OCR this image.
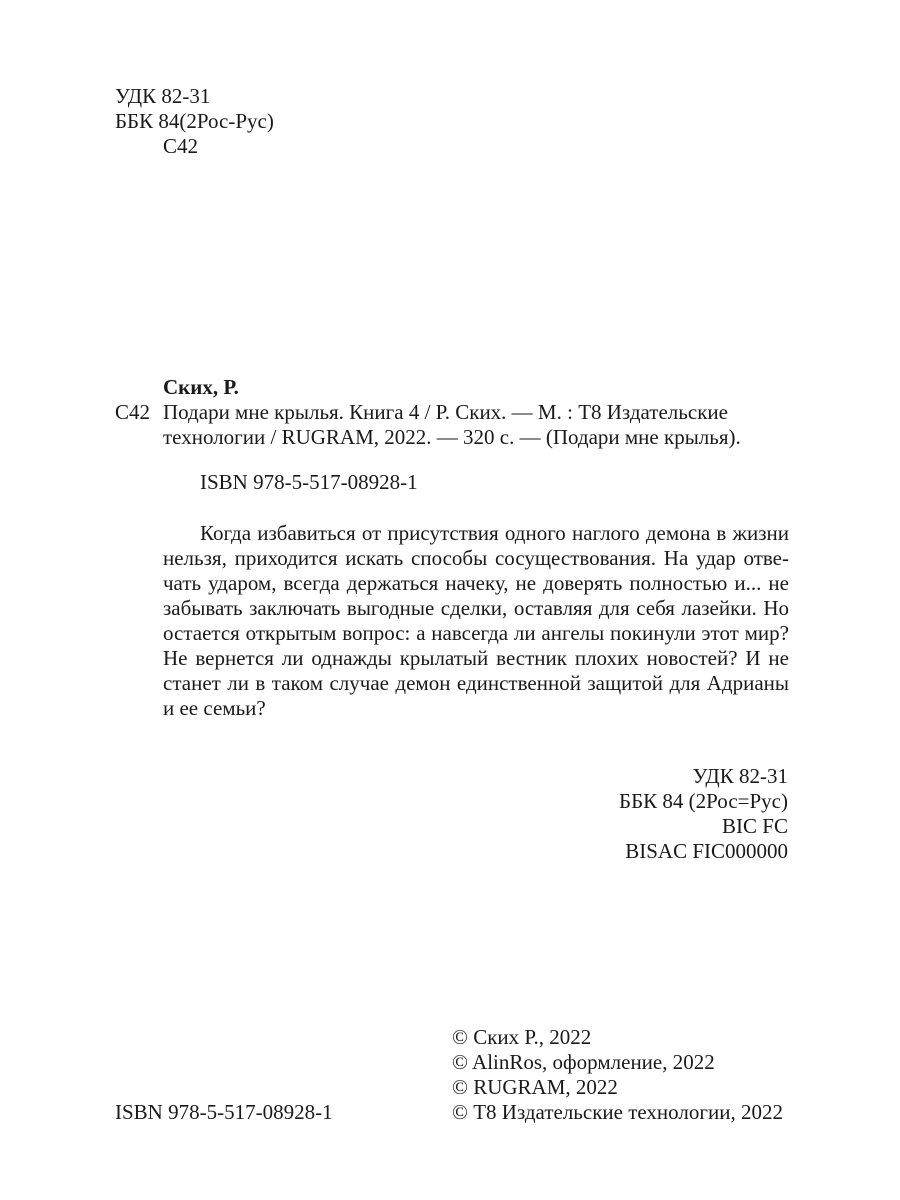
УДК 82-31
ББК 84(2Рос-Рус)
С42
Ских, Р.
С42 Подари мне крылья. Книга 4 / Р. Ских. — М. : Т8 Издательские
технологии / RUGRAM, 2022. — 320 с. — (Подари мне крылья).
ISBN 978-5-517-08928-1
Когда избавиться от присутствия одного наглого демона в жизни
нельзя, приходится искать способы сосуществования. На удар отве-
чать ударом, всегда держаться начеку, не доверять полностью и... не
забывать заключать выгодные сделки, оставляя для себя лазейки. Но
остается открытым вопрос: а навсегда ли ангелы покинули этот мир?
Не вернется ли однажды крылатый вестник плохих новостей? И не
станет ли в таком случае демон единственной защитой для Адрианы
и ее семьи?
УДК 82-31
ББК 84 (2Рос=Рус)
BIC FC
BISAC FIC000000
© Ских Р., 2022
© AlinRos, оформление, 2022
© RUGRAM, 2022
© Т8 Издательские технологии, 2022
ISBN 978-5-517-08928-1
